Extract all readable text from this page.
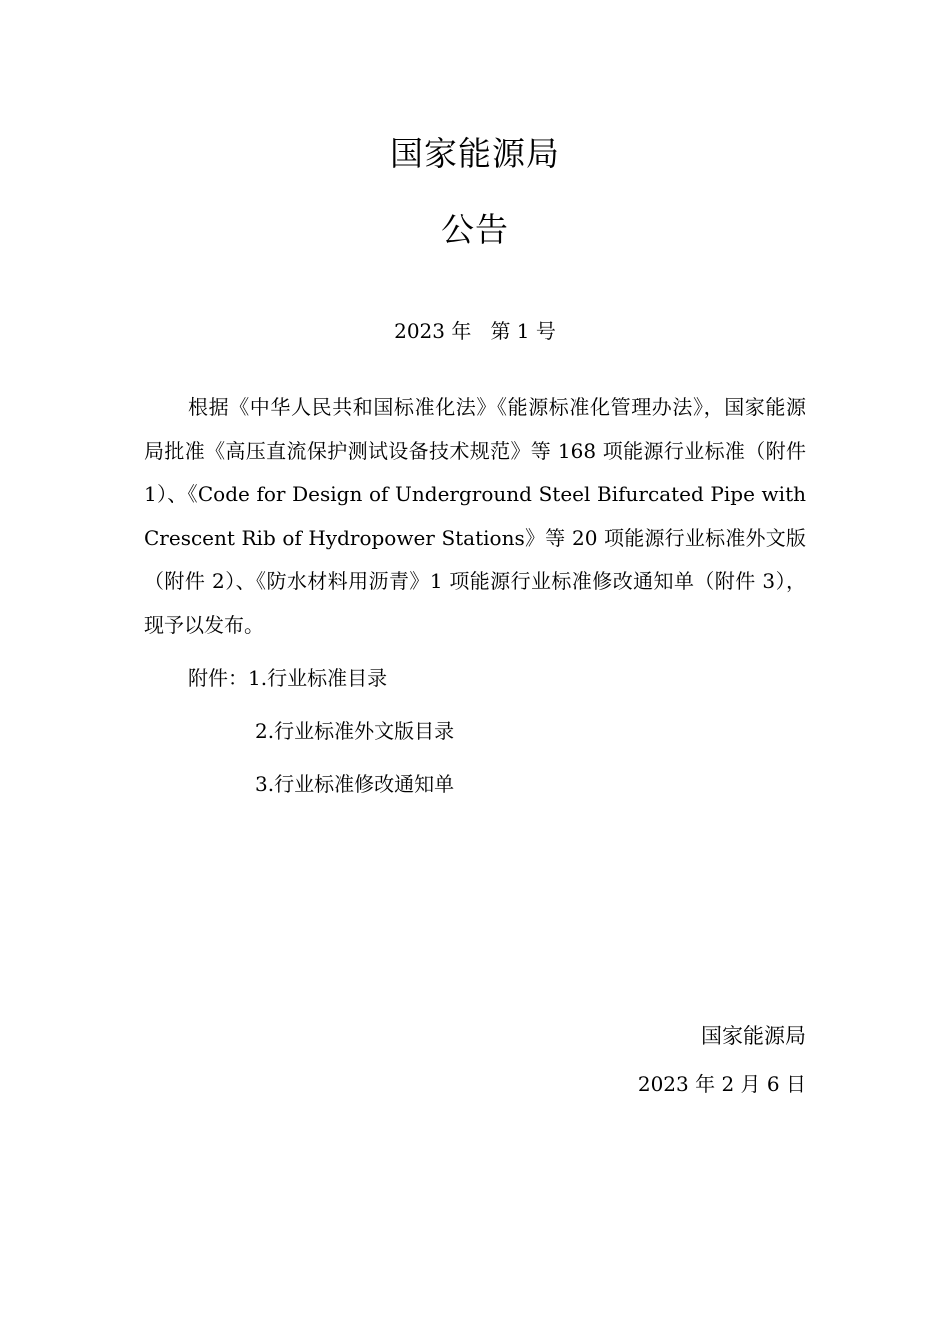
国家能源局
公告
2023 年 第 1 号

根据《中华人民共和国标准化法》《能源标准化管理办法》，国家能源局批准《高压直流保护测试设备技术规范》等 168 项能源行业标准（附件 1）、《Code for Design of Underground Steel Bifurcated Pipe with Crescent Rib of Hydropower Stations》等 20 项能源行业标准外文版（附件 2）、《防水材料用沥青》1 项能源行业标准修改通知单（附件 3），现予以发布。

附件：1.行业标准目录
2.行业标准外文版目录
3.行业标准修改通知单
国家能源局
2023 年 2 月 6 日
